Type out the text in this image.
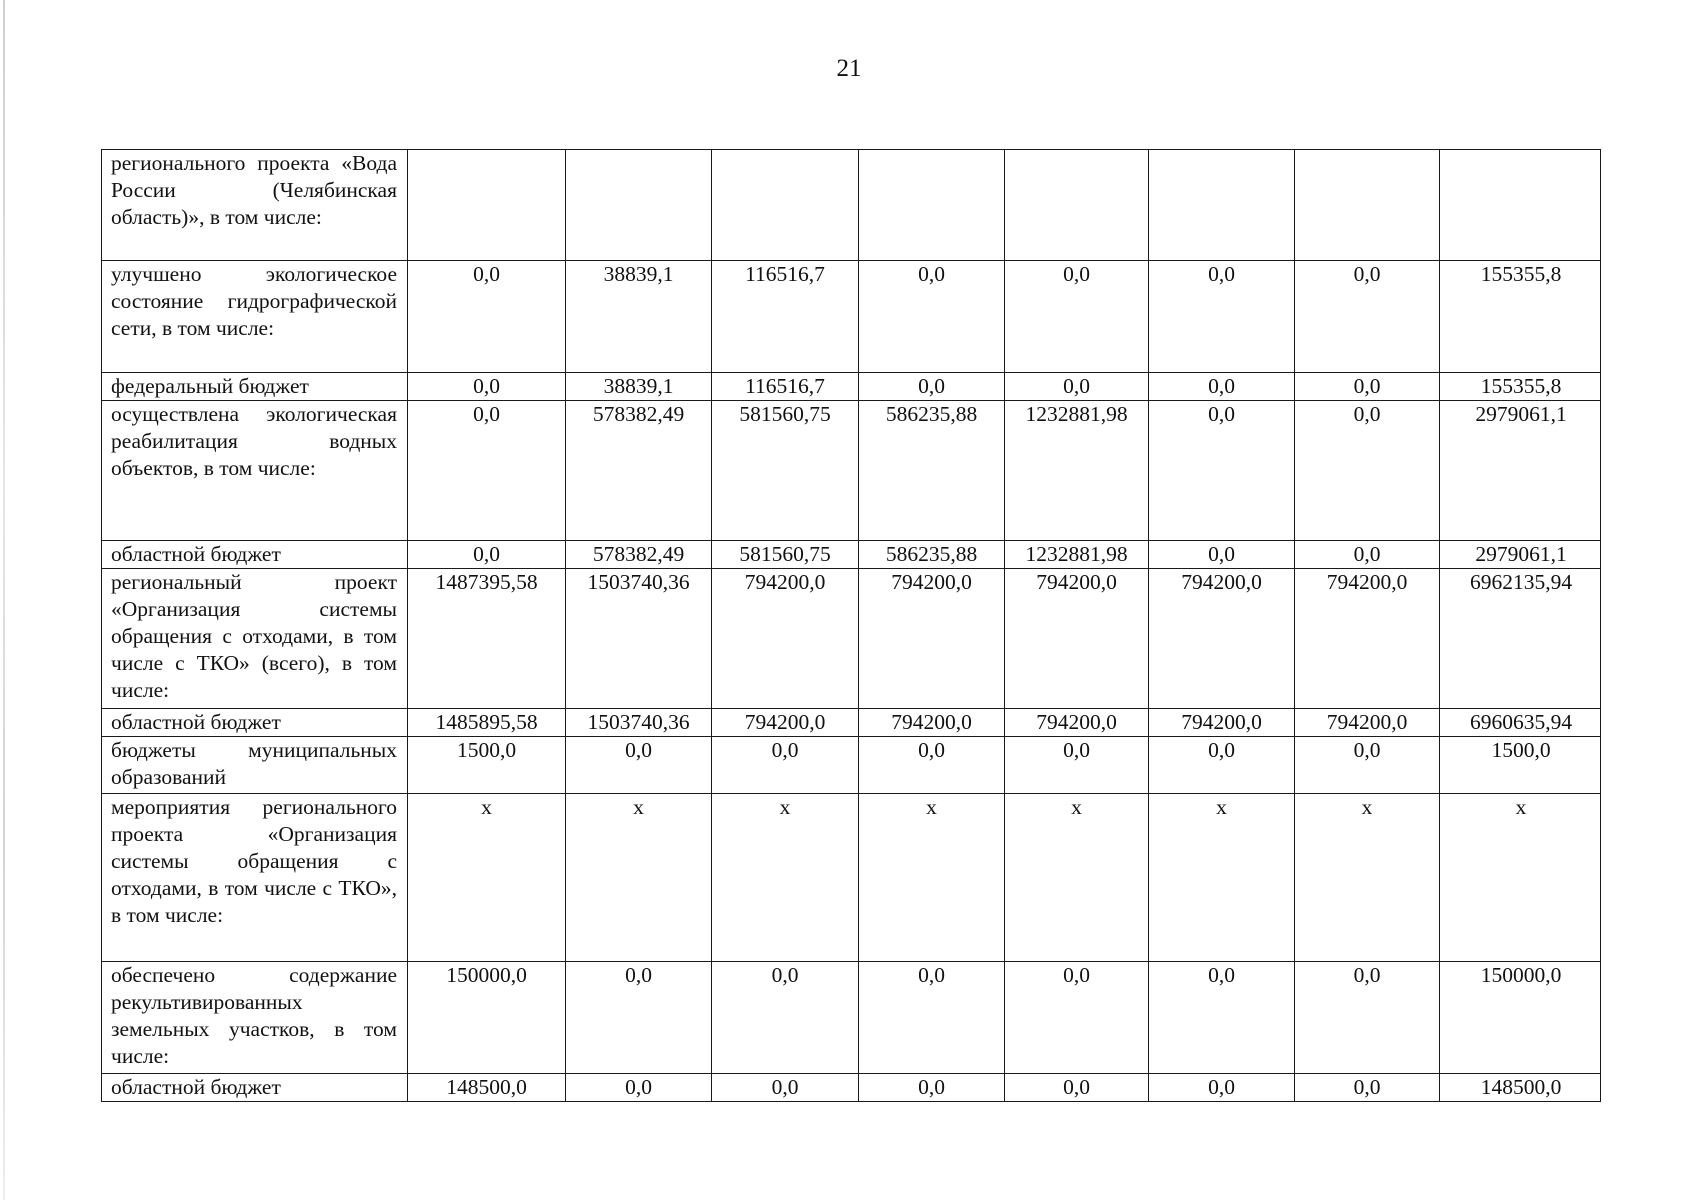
21
регионального проекта «Вода России (Челябинская область)», в том числе:								
улучшено экологическое состояние гидрографической сети, в том числе:	0,0	38839,1	116516,7	0,0	0,0	0,0	0,0	155355,8
федеральный бюджет	0,0	38839,1	116516,7	0,0	0,0	0,0	0,0	155355,8
осуществлена экологическая реабилитация водных объектов, в том числе:	0,0	578382,49	581560,75	586235,88	1232881,98	0,0	0,0	2979061,1
областной бюджет	0,0	578382,49	581560,75	586235,88	1232881,98	0,0	0,0	2979061,1
региональный проект «Организация системы обращения с отходами, в том числе с ТКО» (всего), в том числе:	1487395,58	1503740,36	794200,0	794200,0	794200,0	794200,0	794200,0	6962135,94
областной бюджет	1485895,58	1503740,36	794200,0	794200,0	794200,0	794200,0	794200,0	6960635,94
бюджеты муниципальных образований	1500,0	0,0	0,0	0,0	0,0	0,0	0,0	1500,0
мероприятия регионального проекта «Организация системы обращения с отходами, в том числе с ТКО», в том числе:	x	x	x	x	x	x	x	x
обеспечено содержание рекультивированных земельных участков, в том числе:	150000,0	0,0	0,0	0,0	0,0	0,0	0,0	150000,0
областной бюджет	148500,0	0,0	0,0	0,0	0,0	0,0	0,0	148500,0
